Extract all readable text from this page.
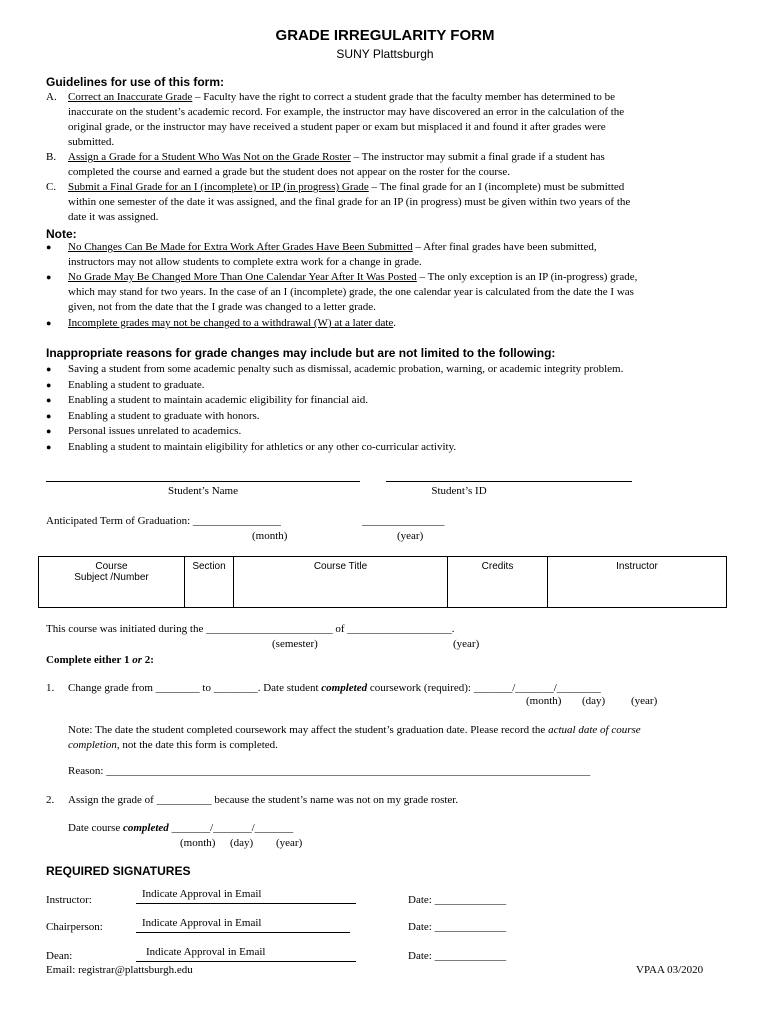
GRADE IRREGULARITY FORM
SUNY Plattsburgh
Guidelines for use of this form:
A. Correct an Inaccurate Grade – Faculty have the right to correct a student grade that the faculty member has determined to be
inaccurate on the student’s academic record. For example, the instructor may have discovered an error in the calculation of the
original grade, or the instructor may have received a student paper or exam but misplaced it and found it after grades were
submitted.
B. Assign a Grade for a Student Who Was Not on the Grade Roster – The instructor may submit a final grade if a student has
completed the course and earned a grade but the student does not appear on the roster for the course.
C. Submit a Final Grade for an I (incomplete) or IP (in progress) Grade – The final grade for an I (incomplete) must be submitted
within one semester of the date it was assigned, and the final grade for an IP (in progress) must be given within two years of the
date it was assigned.
Note:
● No Changes Can Be Made for Extra Work After Grades Have Been Submitted – After final grades have been submitted,
instructors may not allow students to complete extra work for a change in grade.
● No Grade May Be Changed More Than One Calendar Year After It Was Posted – The only exception is an IP (in-progress) grade,
which may stand for two years. In the case of an I (incomplete) grade, the one calendar year is calculated from the date the I was
given, not from the date that the I grade was changed to a letter grade.
● Incomplete grades may not be changed to a withdrawal (W) at a later date.
Inappropriate reasons for grade changes may include but are not limited to the following:
● Saving a student from some academic penalty such as dismissal, academic probation, warning, or academic integrity problem.
● Enabling a student to graduate.
● Enabling a student to maintain academic eligibility for financial aid.
● Enabling a student to graduate with honors.
● Personal issues unrelated to academics.
● Enabling a student to maintain eligibility for athletics or any other co-curricular activity.
Student’s Name	Student’s ID
Anticipated Term of Graduation: ________________	_______________
(month)	(year)
Course
Subject /Number	Section	Course Title	Credits	Instructor
This course was initiated during the _______________________ of ___________________.
(semester)	(year)
Complete either 1 or 2:
1. Change grade from ________ to ________. Date student completed coursework (required): _______/_______/________
(month) (day) (year)
Note: The date the student completed coursework may affect the student’s graduation date. Please record the actual date of course
completion, not the date this form is completed.
Reason: ________________________________________________________________________________________
2. Assign the grade of __________ because the student’s name was not on my grade roster.
Date course completed _______/_______/_______
(month) (day) (year)
REQUIRED SIGNATURES
Instructor:	Indicate Approval in Email	Date: _____________
Chairperson:	Indicate Approval in Email	Date: _____________
Dean:	Indicate Approval in Email	Date: _____________
Email: registrar@plattsburgh.edu	VPAA 03/2020
